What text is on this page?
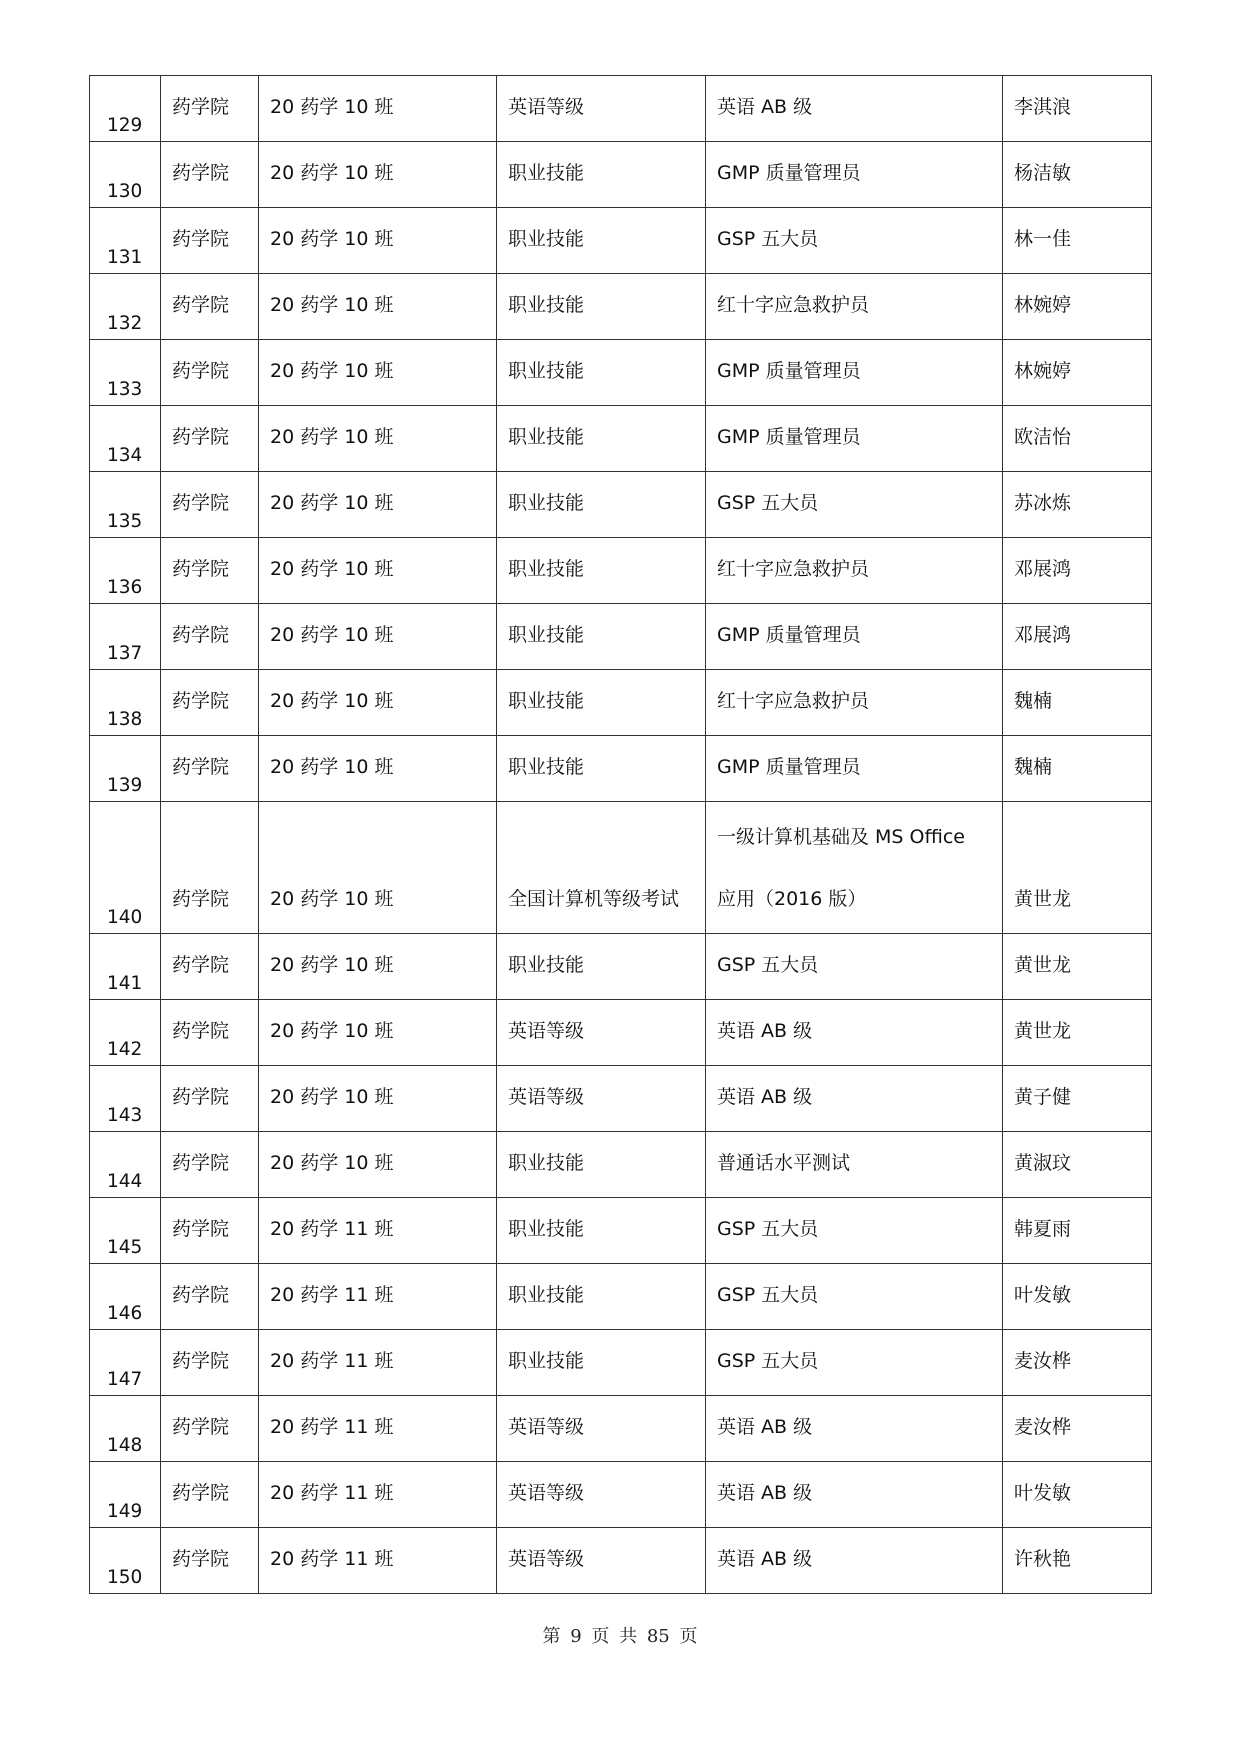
129	药学院	20 药学 10 班	英语等级	英语 AB 级	李淇浪

130	药学院	20 药学 10 班	职业技能	GMP 质量管理员	杨洁敏

131	药学院	20 药学 10 班	职业技能	GSP 五大员	林一佳

132	药学院	20 药学 10 班	职业技能	红十字应急救护员	林婉婷

133	药学院	20 药学 10 班	职业技能	GMP 质量管理员	林婉婷

134	药学院	20 药学 10 班	职业技能	GMP 质量管理员	欧洁怡

135	药学院	20 药学 10 班	职业技能	GSP 五大员	苏冰炼

136	药学院	20 药学 10 班	职业技能	红十字应急救护员	邓展鸿

137	药学院	20 药学 10 班	职业技能	GMP 质量管理员	邓展鸿

138	药学院	20 药学 10 班	职业技能	红十字应急救护员	魏楠

139	药学院	20 药学 10 班	职业技能	GMP 质量管理员	魏楠

140	药学院	20 药学 10 班	全国计算机等级考试	一级计算机基础及 MS Office
应用（2016 版）	黄世龙

141	药学院	20 药学 10 班	职业技能	GSP 五大员	黄世龙

142	药学院	20 药学 10 班	英语等级	英语 AB 级	黄世龙

143	药学院	20 药学 10 班	英语等级	英语 AB 级	黄子健

144	药学院	20 药学 10 班	职业技能	普通话水平测试	黄淑玟

145	药学院	20 药学 11 班	职业技能	GSP 五大员	韩夏雨

146	药学院	20 药学 11 班	职业技能	GSP 五大员	叶发敏

147	药学院	20 药学 11 班	职业技能	GSP 五大员	麦汝桦

148	药学院	20 药学 11 班	英语等级	英语 AB 级	麦汝桦

149	药学院	20 药学 11 班	英语等级	英语 AB 级	叶发敏

150	药学院	20 药学 11 班	英语等级	英语 AB 级	许秋艳
第 9 页 共 85 页
